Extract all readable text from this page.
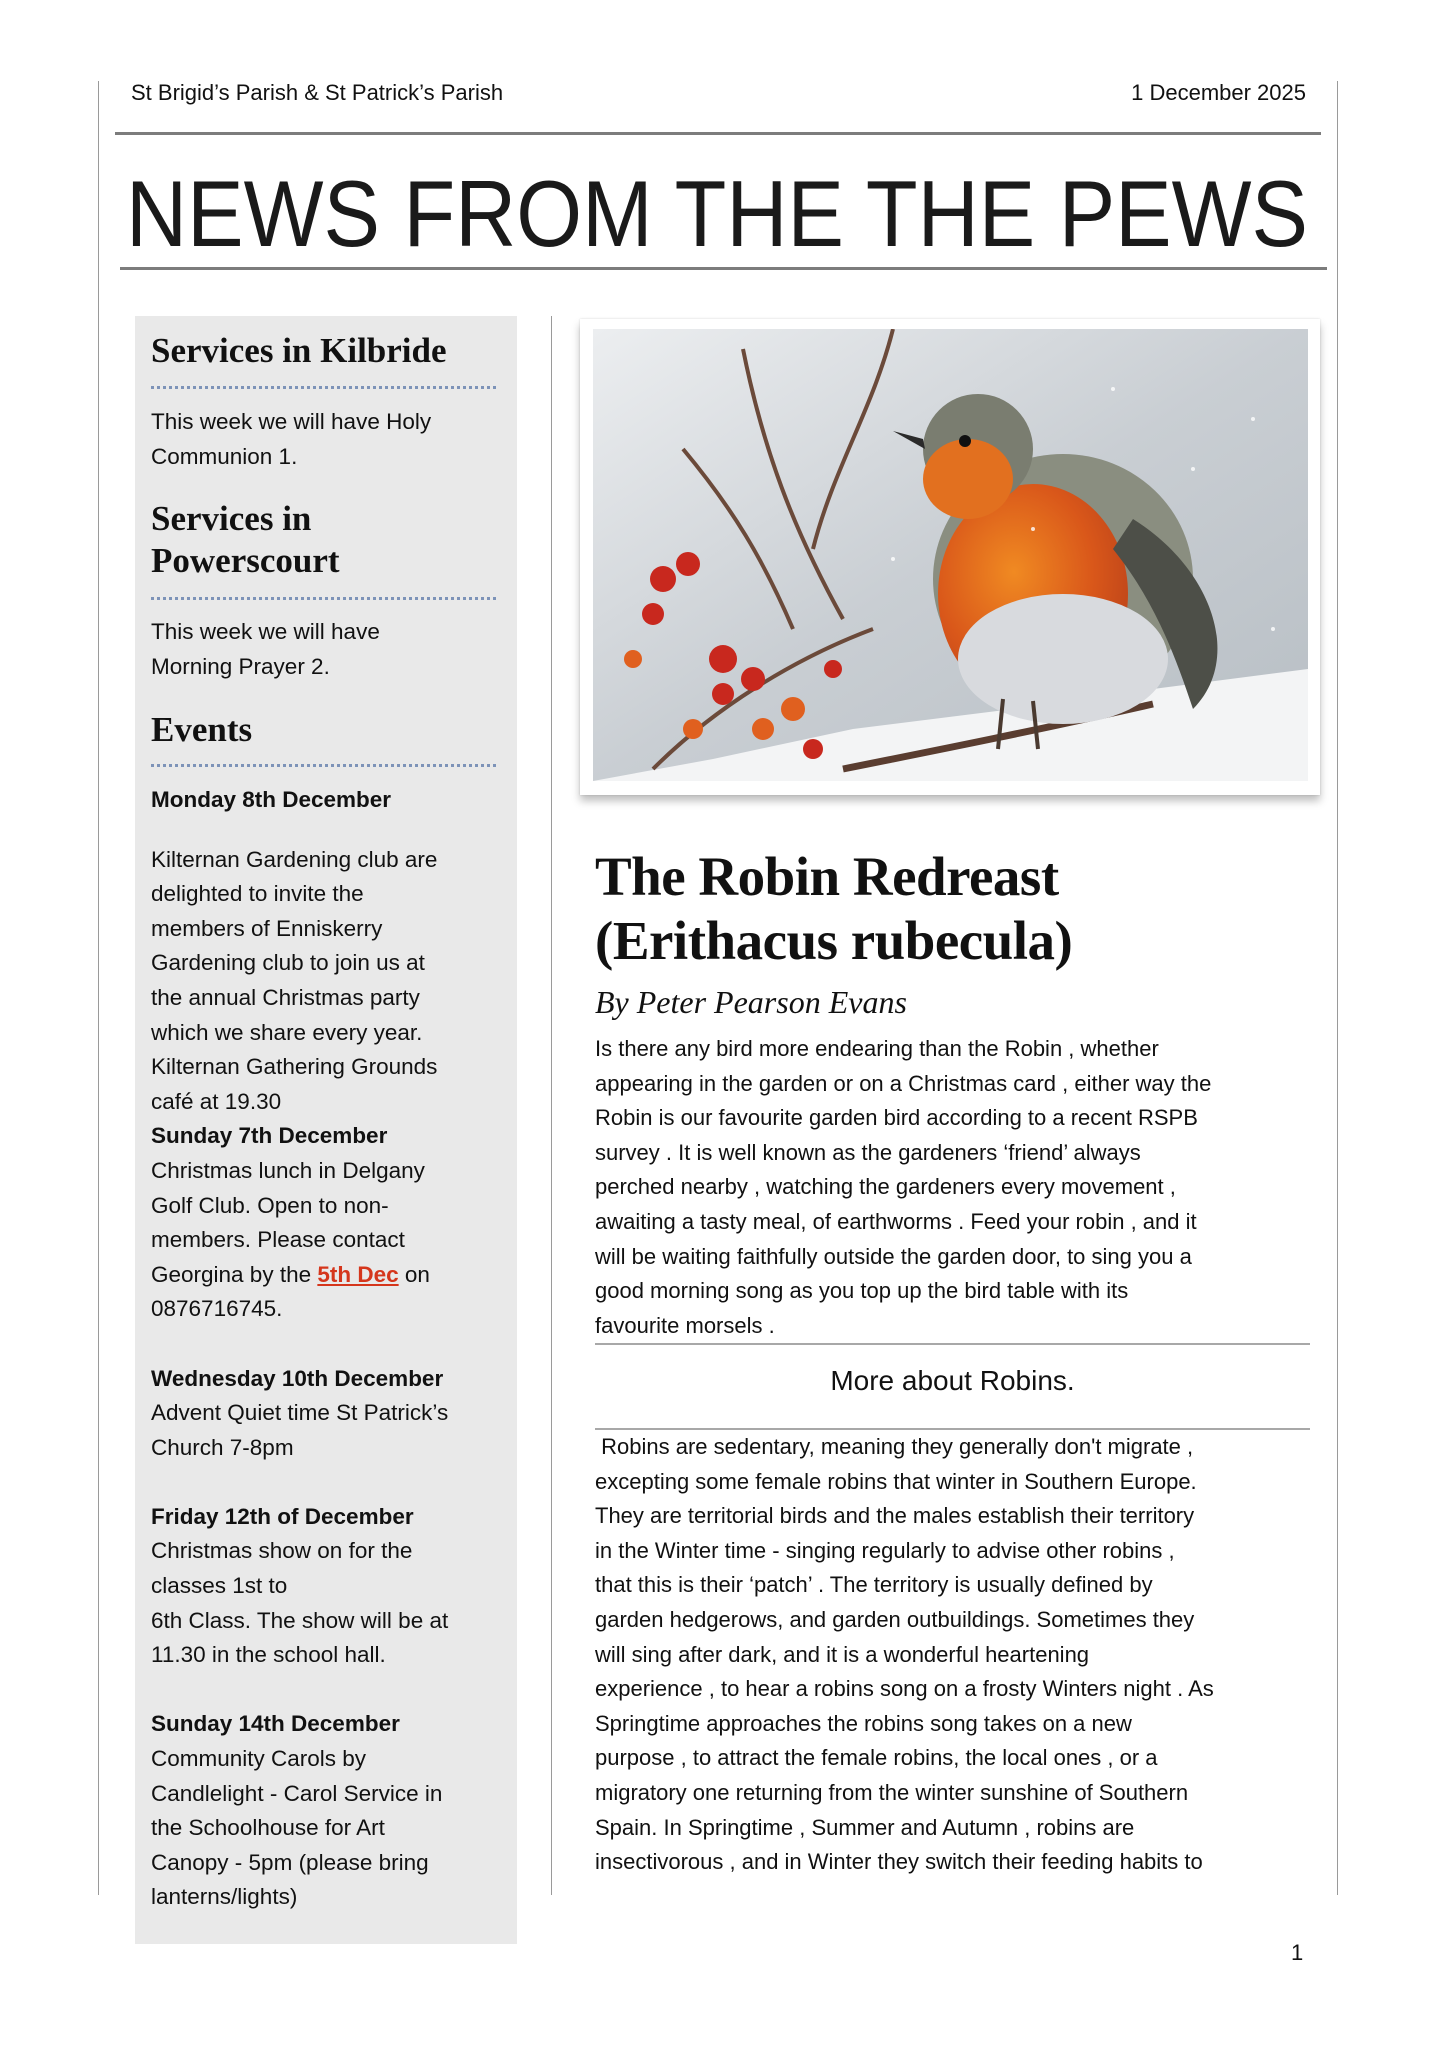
St Brigid’s Parish & St Patrick’s Parish	1 December 2025
NEWS FROM THE THE PEWS
Services in Kilbride
This week we will have Holy
Communion 1.
Services in
Powerscourt
This week we will have
Morning Prayer 2.
Events
Monday 8th December
Kilternan Gardening club are
delighted to invite the
members of Enniskerry
Gardening club to join us at
the annual Christmas party
which we share every year.
Kilternan Gathering Grounds
café at 19.30
Sunday 7th December
Christmas lunch in Delgany
Golf Club. Open to non-
members. Please contact
Georgina by the 5th Dec on
0876716745.
Wednesday 10th December
Advent Quiet time St Patrick’s
Church 7-8pm
Friday 12th of December
Christmas show on for the
classes 1st to
6th Class. The show will be at
11.30 in the school hall.
Sunday 14th December
Community Carols by
Candlelight - Carol Service in
the Schoolhouse for Art
Canopy - 5pm (please bring
lanterns/lights)
The Robin Redreast
(Erithacus rubecula)
By Peter Pearson Evans
Is there any bird more endearing than the Robin , whether
appearing in the garden or on a Christmas card , either way the
Robin is our favourite garden bird according to a recent RSPB
survey . It is well known as the gardeners ‘friend’ always
perched nearby , watching the gardeners every movement ,
awaiting a tasty meal, of earthworms . Feed your robin , and it
will be waiting faithfully outside the garden door, to sing you a
good morning song as you top up the bird table with its
favourite morsels .
More about Robins.
Robins are sedentary, meaning they generally don't migrate ,
excepting some female robins that winter in Southern Europe.
They are territorial birds and the males establish their territory
in the Winter time - singing regularly to advise other robins ,
that this is their ‘patch’ . The territory is usually defined by
garden hedgerows, and garden outbuildings. Sometimes they
will sing after dark, and it is a wonderful heartening
experience , to hear a robins song on a frosty Winters night . As
Springtime approaches the robins song takes on a new
purpose , to attract the female robins, the local ones , or a
migratory one returning from the winter sunshine of Southern
Spain. In Springtime , Summer and Autumn , robins are
insectivorous , and in Winter they switch their feeding habits to
1
